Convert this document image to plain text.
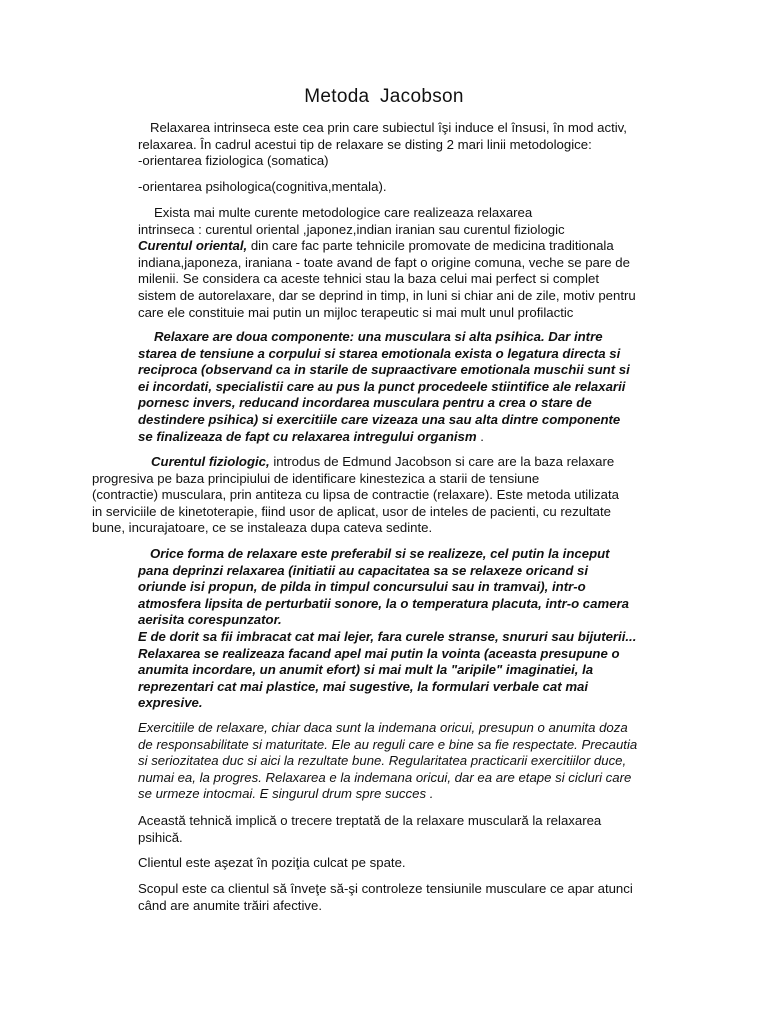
Metoda Jacobson
Relaxarea intrinseca este cea prin care subiectul îşi induce el însusi, în mod activ,
relaxarea. În cadrul acestui tip de relaxare se disting 2 mari linii metodologice:
-orientarea fiziologica (somatica)
-orientarea psihologica(cognitiva,mentala).
Exista mai multe curente metodologice care realizeaza relaxarea
intrinseca : curentul oriental ,japonez,indian iranian sau curentul fiziologic
Curentul oriental, din care fac parte tehnicile promovate de medicina traditionala
indiana,japoneza, iraniana - toate avand de fapt o origine comuna, veche se pare de
milenii. Se considera ca aceste tehnici stau la baza celui mai perfect si complet
sistem de autorelaxare, dar se deprind in timp, in luni si chiar ani de zile, motiv pentru
care ele constituie mai putin un mijloc terapeutic si mai mult unul profilactic
Relaxare are doua componente: una musculara si alta psihica. Dar intre
starea de tensiune a corpului si starea emotionala exista o legatura directa si
reciproca (observand ca in starile de supraactivare emotionala muschii sunt si
ei incordati, specialistii care au pus la punct procedeele stiintifice ale relaxarii
pornesc invers, reducand incordarea musculara pentru a crea o stare de
destindere psihica) si exercitiile care vizeaza una sau alta dintre componente
se finalizeaza de fapt cu relaxarea intregului organism .
Curentul fiziologic, introdus de Edmund Jacobson si care are la baza relaxare
progresiva pe baza principiului de identificare kinestezica a starii de tensiune
(contractie) musculara, prin antiteza cu lipsa de contractie (relaxare). Este metoda utilizata
in serviciile de kinetoterapie, fiind usor de aplicat, usor de inteles de pacienti, cu rezultate
bune, incurajatoare, ce se instaleaza dupa cateva sedinte.
Orice forma de relaxare este preferabil si se realizeze, cel putin la inceput
pana deprinzi relaxarea (initiatii au capacitatea sa se relaxeze oricand si
oriunde isi propun, de pilda in timpul concursului sau in tramvai), intr-o
atmosfera lipsita de perturbatii sonore, la o temperatura placuta, intr-o camera
aerisita corespunzator.
E de dorit sa fii imbracat cat mai lejer, fara curele stranse, snururi sau bijuterii...
Relaxarea se realizeaza facand apel mai putin la vointa (aceasta presupune o
anumita incordare, un anumit efort) si mai mult la "aripile" imaginatiei, la
reprezentari cat mai plastice, mai sugestive, la formulari verbale cat mai
expresive.
Exercitiile de relaxare, chiar daca sunt la indemana oricui, presupun o anumita doza
de responsabilitate si maturitate. Ele au reguli care e bine sa fie respectate. Precautia
si seriozitatea duc si aici la rezultate bune. Regularitatea practicarii exercitiilor duce,
numai ea, la progres. Relaxarea e la indemana oricui, dar ea are etape si cicluri care
se urmeze intocmai. E singurul drum spre succes .
Această tehnică implică o trecere treptată de la relaxare musculară la relaxarea
psihică.
Clientul este aşezat în poziţia culcat pe spate.
Scopul este ca clientul să înveţe să-şi controleze tensiunile musculare ce apar atunci
când are anumite trăiri afective.
